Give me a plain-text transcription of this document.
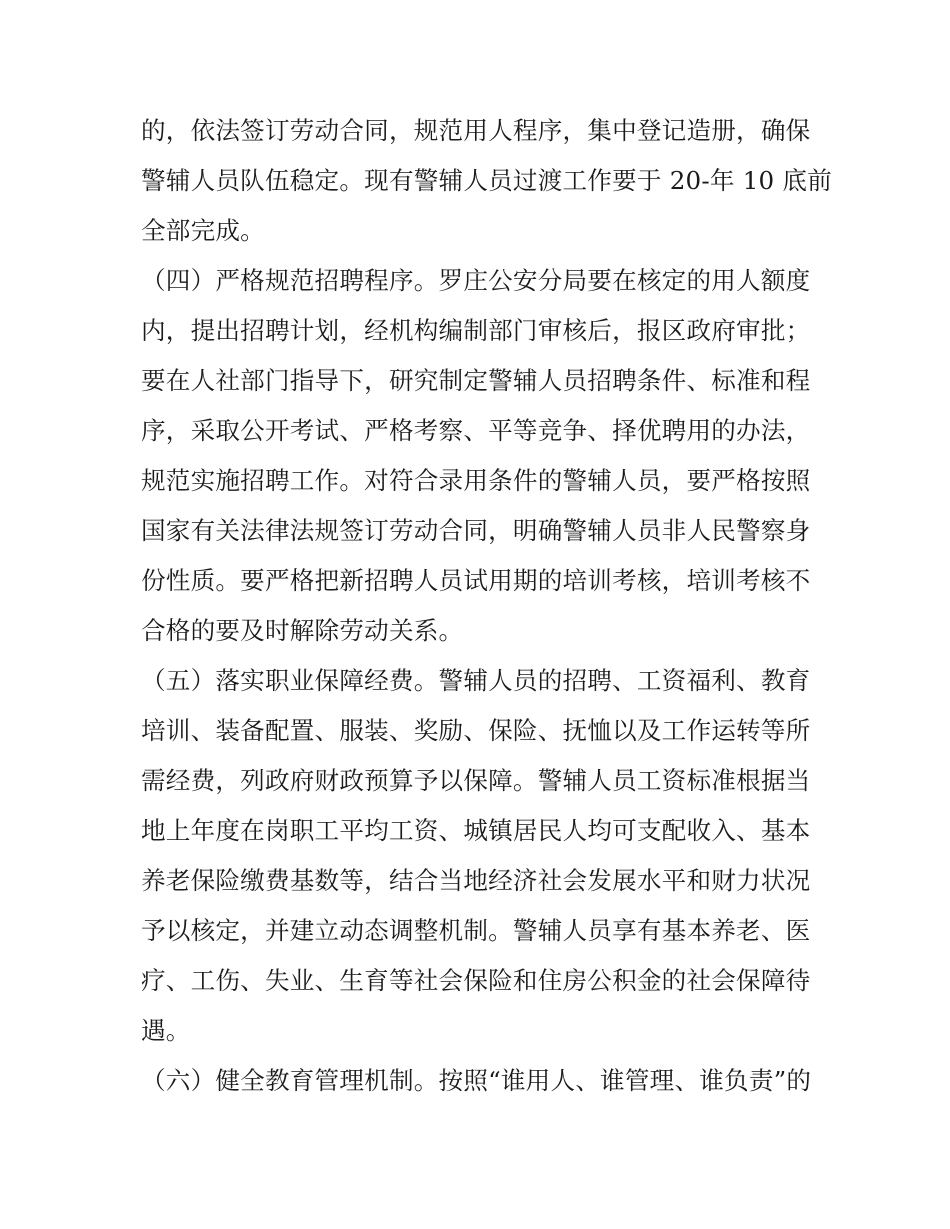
的，依法签订劳动合同，规范用人程序，集中登记造册，确保
警辅人员队伍稳定。现有警辅人员过渡工作要于 20-年 10 底前
全部完成。
（四）严格规范招聘程序。罗庄公安分局要在核定的用人额度
内，提出招聘计划，经机构编制部门审核后，报区政府审批；
要在人社部门指导下，研究制定警辅人员招聘条件、标准和程
序，采取公开考试、严格考察、平等竞争、择优聘用的办法，
规范实施招聘工作。对符合录用条件的警辅人员，要严格按照
国家有关法律法规签订劳动合同，明确警辅人员非人民警察身
份性质。要严格把新招聘人员试用期的培训考核，培训考核不
合格的要及时解除劳动关系。
（五）落实职业保障经费。警辅人员的招聘、工资福利、教育
培训、装备配置、服装、奖励、保险、抚恤以及工作运转等所
需经费，列政府财政预算予以保障。警辅人员工资标准根据当
地上年度在岗职工平均工资、城镇居民人均可支配收入、基本
养老保险缴费基数等，结合当地经济社会发展水平和财力状况
予以核定，并建立动态调整机制。警辅人员享有基本养老、医
疗、工伤、失业、生育等社会保险和住房公积金的社会保障待
遇。
（六）健全教育管理机制。按照“谁用人、谁管理、谁负责”的
